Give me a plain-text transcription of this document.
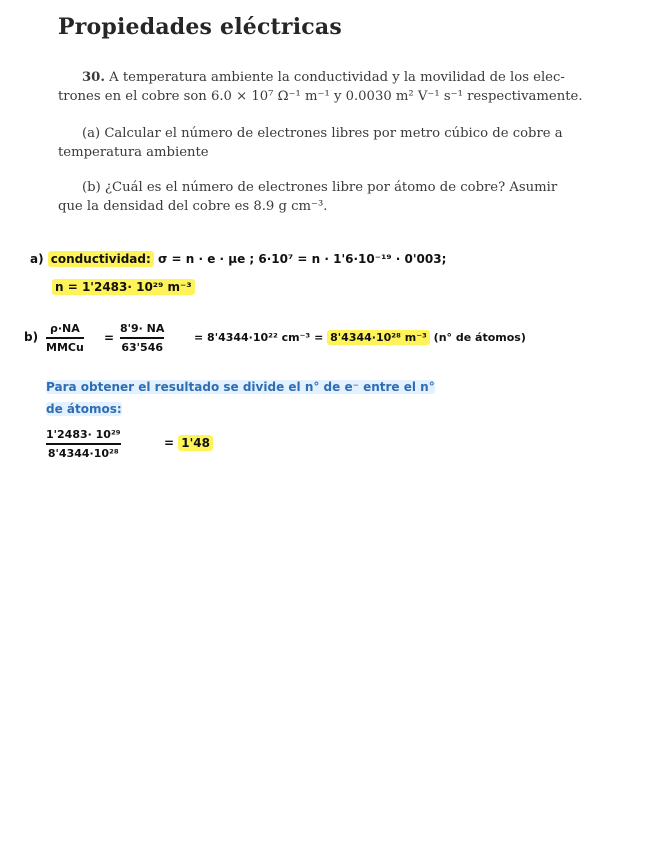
Propiedades eléctricas
30. A temperatura ambiente la conductividad y la movilidad de los elec-
trones en el cobre son 6.0 × 10⁷ Ω⁻¹ m⁻¹ y 0.0030 m² V⁻¹ s⁻¹ respectivamente.
(a) Calcular el número de electrones libres por metro cúbico de cobre a
temperatura ambiente
(b) ¿Cuál es el número de electrones libre por átomo de cobre? Asumir
que la densidad del cobre es 8.9 g cm⁻³.
a) conductividad: σ = n · e · μe ; 6·10⁷ = n · 1'6·10⁻¹⁹ · 0'003;
n = 1'2483· 10²⁹ m⁻³
b)
ρ·NA
MMCu
=
8'9· NA
63'546
= 8'4344·10²² cm⁻³ = 8'4344·10²⁸ m⁻³ (n° de átomos)
Para obtener el resultado se divide el n° de e⁻ entre el n°
de átomos:
1'2483· 10²⁹
8'4344·10²⁸
= 1'48
